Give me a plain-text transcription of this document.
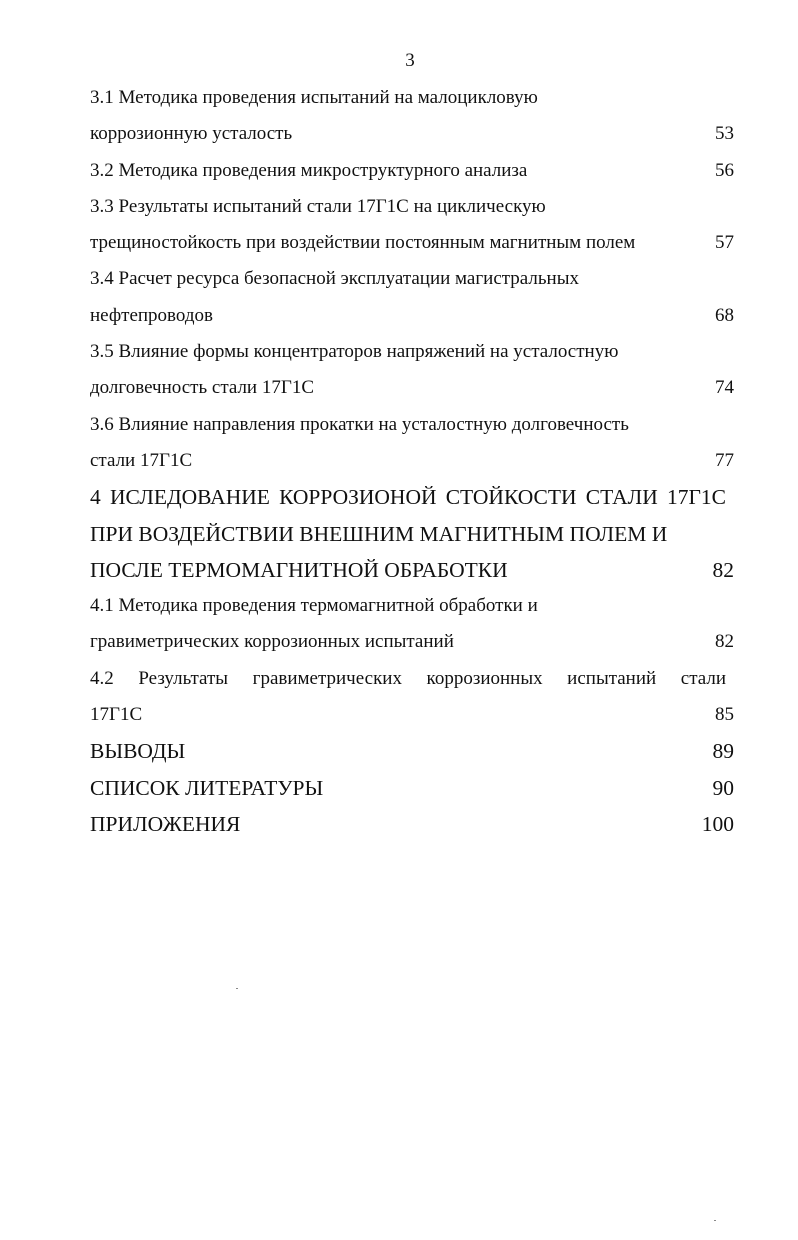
3
3.1 Методика проведения испытаний на малоцикловую
коррозионную усталость	53
3.2 Методика проведения микроструктурного анализа	56
3.3 Результаты испытаний стали 17Г1С на циклическую
трещиностойкость при воздействии постоянным магнитным полем	57
3.4 Расчет ресурса безопасной эксплуатации магистральных
нефтепроводов	68
3.5 Влияние формы концентраторов напряжений на усталостную
долговечность стали 17Г1С	74
3.6 Влияние направления прокатки на усталостную долговечность
стали 17Г1С	77
4 ИСЛЕДОВАНИЕ КОРРОЗИОНОЙ СТОЙКОСТИ СТАЛИ 17Г1С
ПРИ ВОЗДЕЙСТВИИ ВНЕШНИМ МАГНИТНЫМ ПОЛЕМ И
ПОСЛЕ ТЕРМОМАГНИТНОЙ ОБРАБОТКИ	82
4.1 Методика проведения термомагнитной обработки и
гравиметрических коррозионных испытаний	82
4.2 Результаты гравиметрических коррозионных испытаний стали
17Г1С	85
ВЫВОДЫ	89
СПИСОК ЛИТЕРАТУРЫ	90
ПРИЛОЖЕНИЯ	100
